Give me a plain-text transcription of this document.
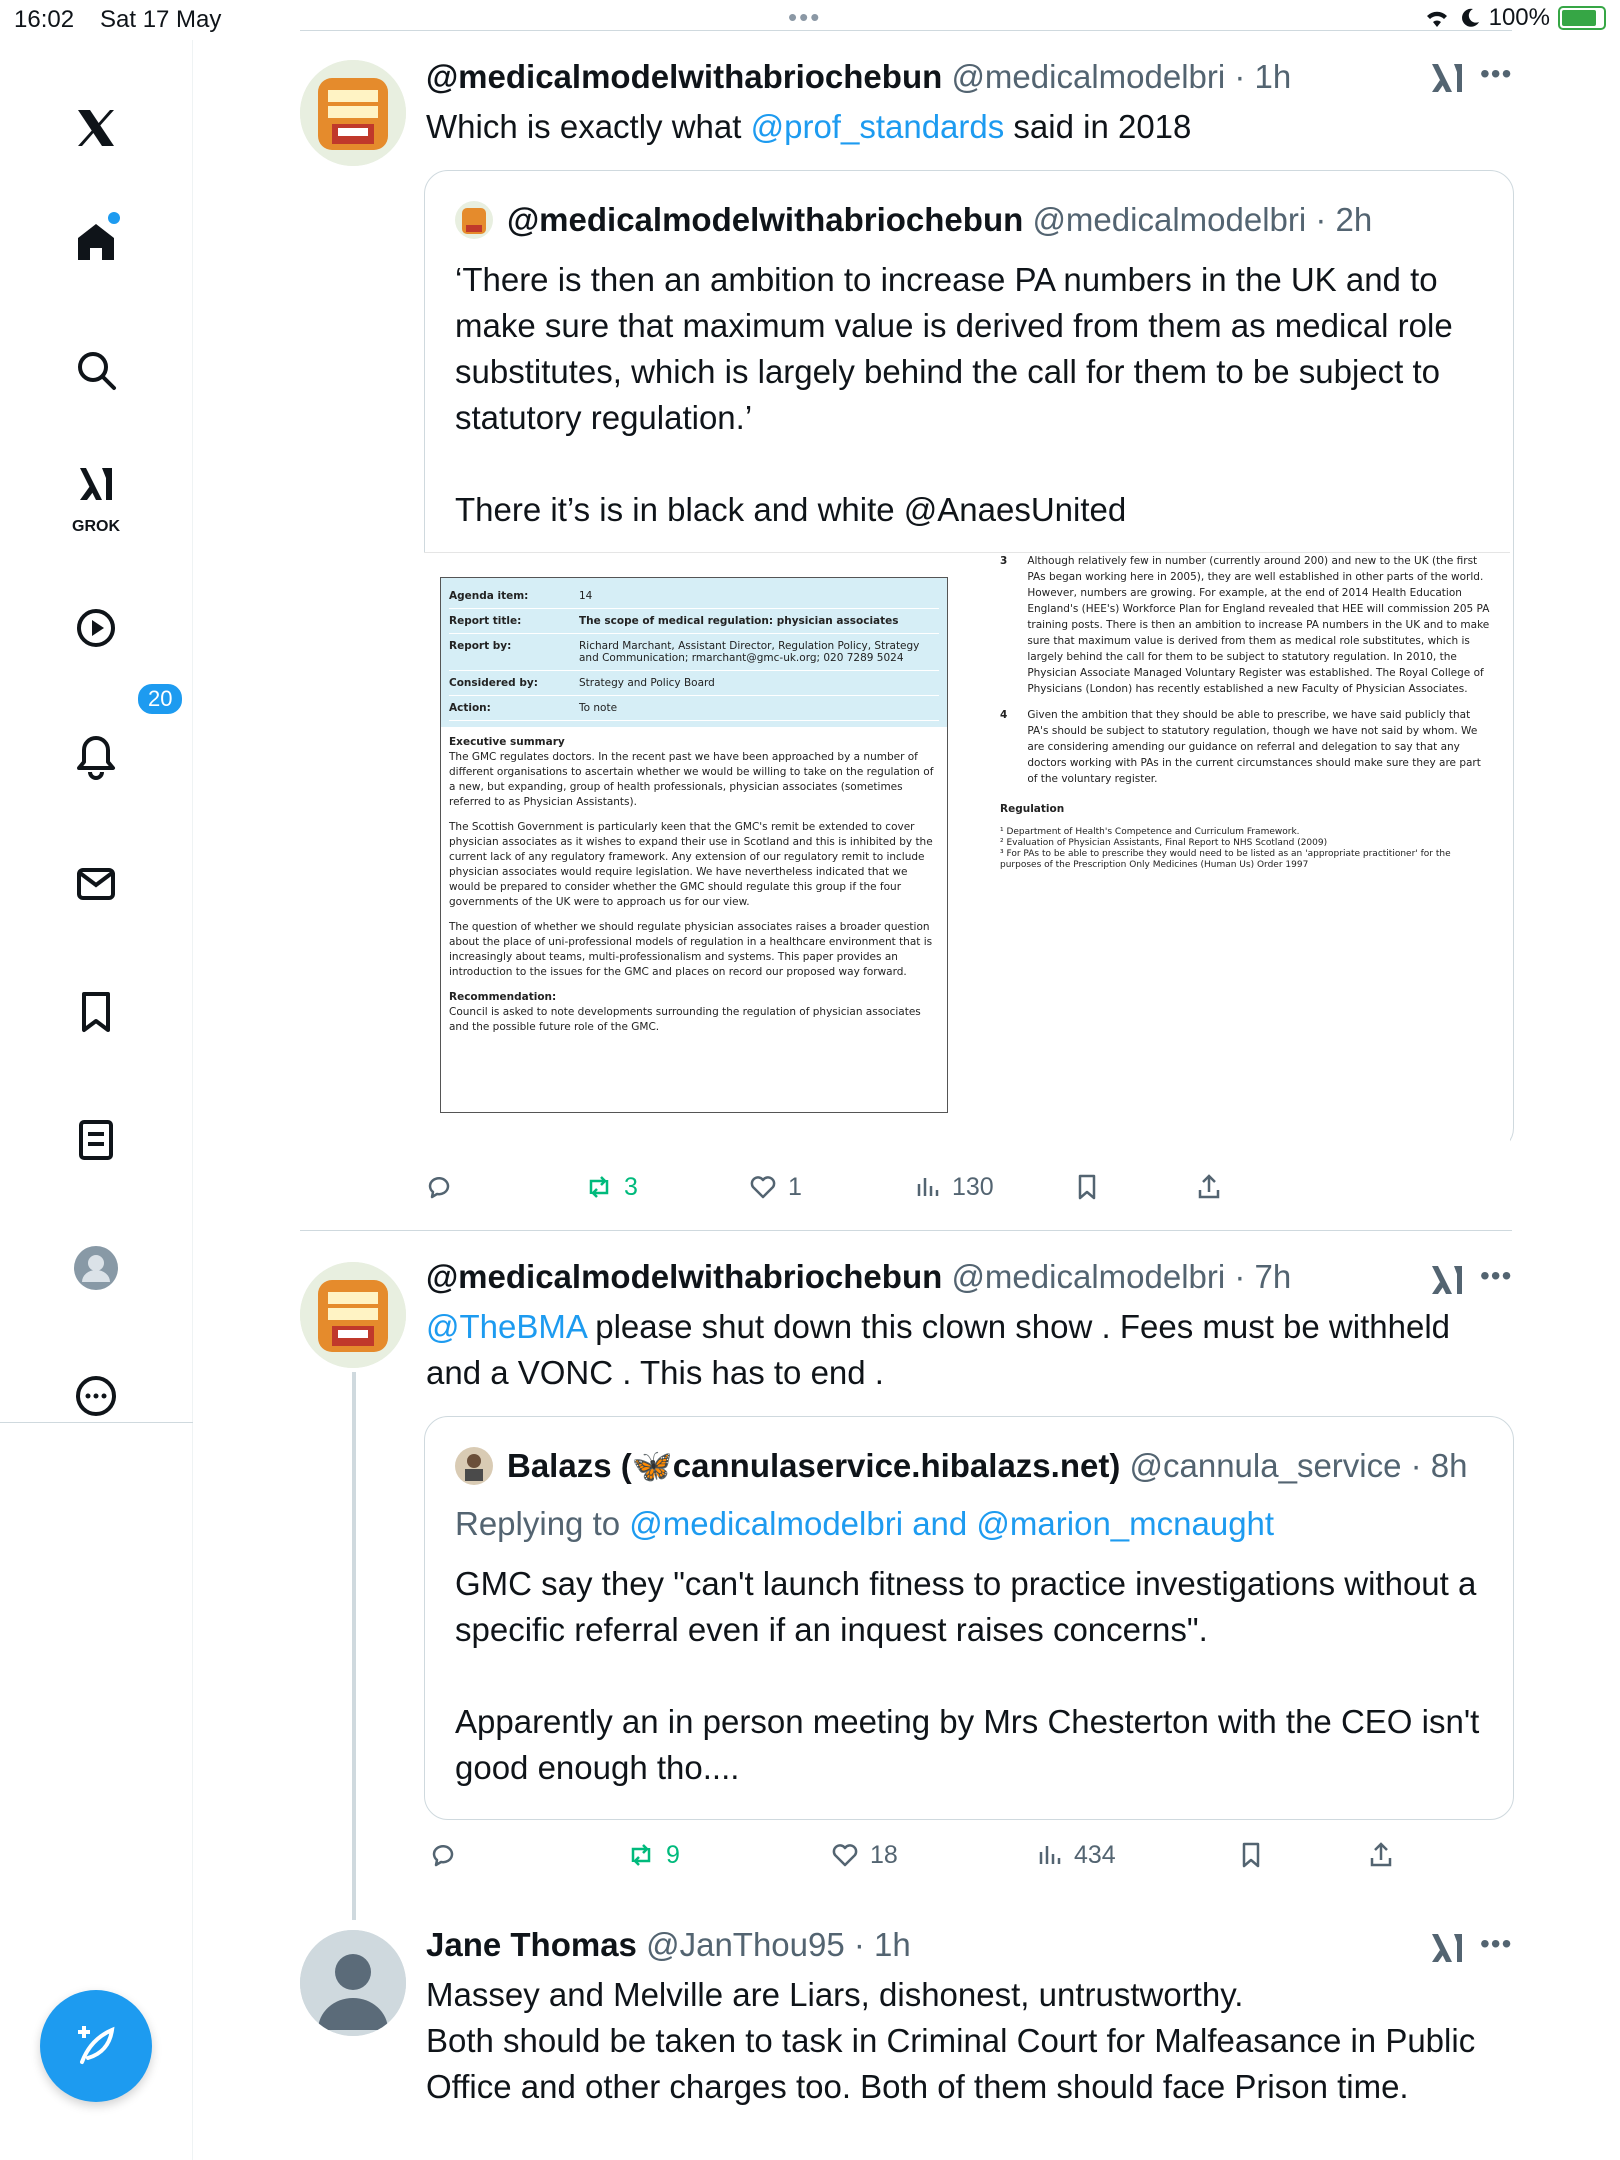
16:02 Sat 17 May	•••	100%
GROK
20
@medicalmodelwithabriochebun @medicalmodelbri · 1h	•••
Which is exactly what @prof_standards said in 2018
@medicalmodelwithabriochebun @medicalmodelbri · 2h
‘There is then an ambition to increase PA numbers in the UK and to make sure that maximum value is derived from them as medical role substitutes, which is largely behind the call for them to be subject to statutory regulation.’
There it’s is in black and white @AnaesUnited
Agenda item:	14
Report title:	The scope of medical regulation: physician associates
Report by:	Richard Marchant, Assistant Director, Regulation Policy, Strategy and Communication; rmarchant@gmc-uk.org; 020 7289 5024
Considered by:	Strategy and Policy Board
Action:	To note
Executive summary

The GMC regulates doctors. In the recent past we have been approached by a number of different organisations to ascertain whether we would be willing to take on the regulation of a new, but expanding, group of health professionals, physician associates (sometimes referred to as Physician Assistants).

The Scottish Government is particularly keen that the GMC's remit be extended to cover physician associates as it wishes to expand their use in Scotland and this is inhibited by the current lack of any regulatory framework. Any extension of our regulatory remit to include physician associates would require legislation. We have nevertheless indicated that we would be prepared to consider whether the GMC should regulate this group if the four governments of the UK were to approach us for our view.

The question of whether we should regulate physician associates raises a broader question about the place of uni-professional models of regulation in a healthcare environment that is increasingly about teams, multi-professionalism and systems. This paper provides an introduction to the issues for the GMC and places on record our proposed way forward.

Recommendation:

Council is asked to note developments surrounding the regulation of physician associates and the possible future role of the GMC.

3 Although relatively few in number (currently around 200) and new to the UK (the first PAs began working here in 2005), they are well established in other parts of the world. However, numbers are growing. For example, at the end of 2014 Health Education England's (HEE's) Workforce Plan for England revealed that HEE will commission 205 PA training posts. There is then an ambition to increase PA numbers in the UK and to make sure that maximum value is derived from them as medical role substitutes, which is largely behind the call for them to be subject to statutory regulation. In 2010, the Physician Associate Managed Voluntary Register was established. The Royal College of Physicians (London) has recently established a new Faculty of Physician Associates.
4 Given the ambition that they should be able to prescribe, we have said publicly that PA's should be subject to statutory regulation, though we have not said by whom. We are considering amending our guidance on referral and delegation to say that any doctors working with PAs in the current circumstances should make sure they are part of the voluntary register.
Regulation
¹ Department of Health's Competence and Curriculum Framework.
² Evaluation of Physician Assistants, Final Report to NHS Scotland (2009)
³ For PAs to be able to prescribe they would need to be listed as an 'appropriate practitioner' for the purposes of the Prescription Only Medicines (Human Us) Order 1997
3	1	130
@medicalmodelwithabriochebun @medicalmodelbri · 7h	•••
@TheBMA please shut down this clown show . Fees must be withheld and a VONC . This has to end .
Balazs (🦋cannulaservice.hibalazs.net) @cannula_service · 8h
Replying to @medicalmodelbri and @marion_mcnaught
GMC say they "can't launch fitness to practice investigations without a specific referral even if an inquest raises concerns".
Apparently an in person meeting by Mrs Chesterton with the CEO isn't good enough tho....
9	18	434
Jane Thomas @JanThou95 · 1h	•••
Massey and Melville are Liars, dishonest, untrustworthy.
Both should be taken to task in Criminal Court for Malfeasance in Public Office and other charges too. Both of them should face Prison time.
